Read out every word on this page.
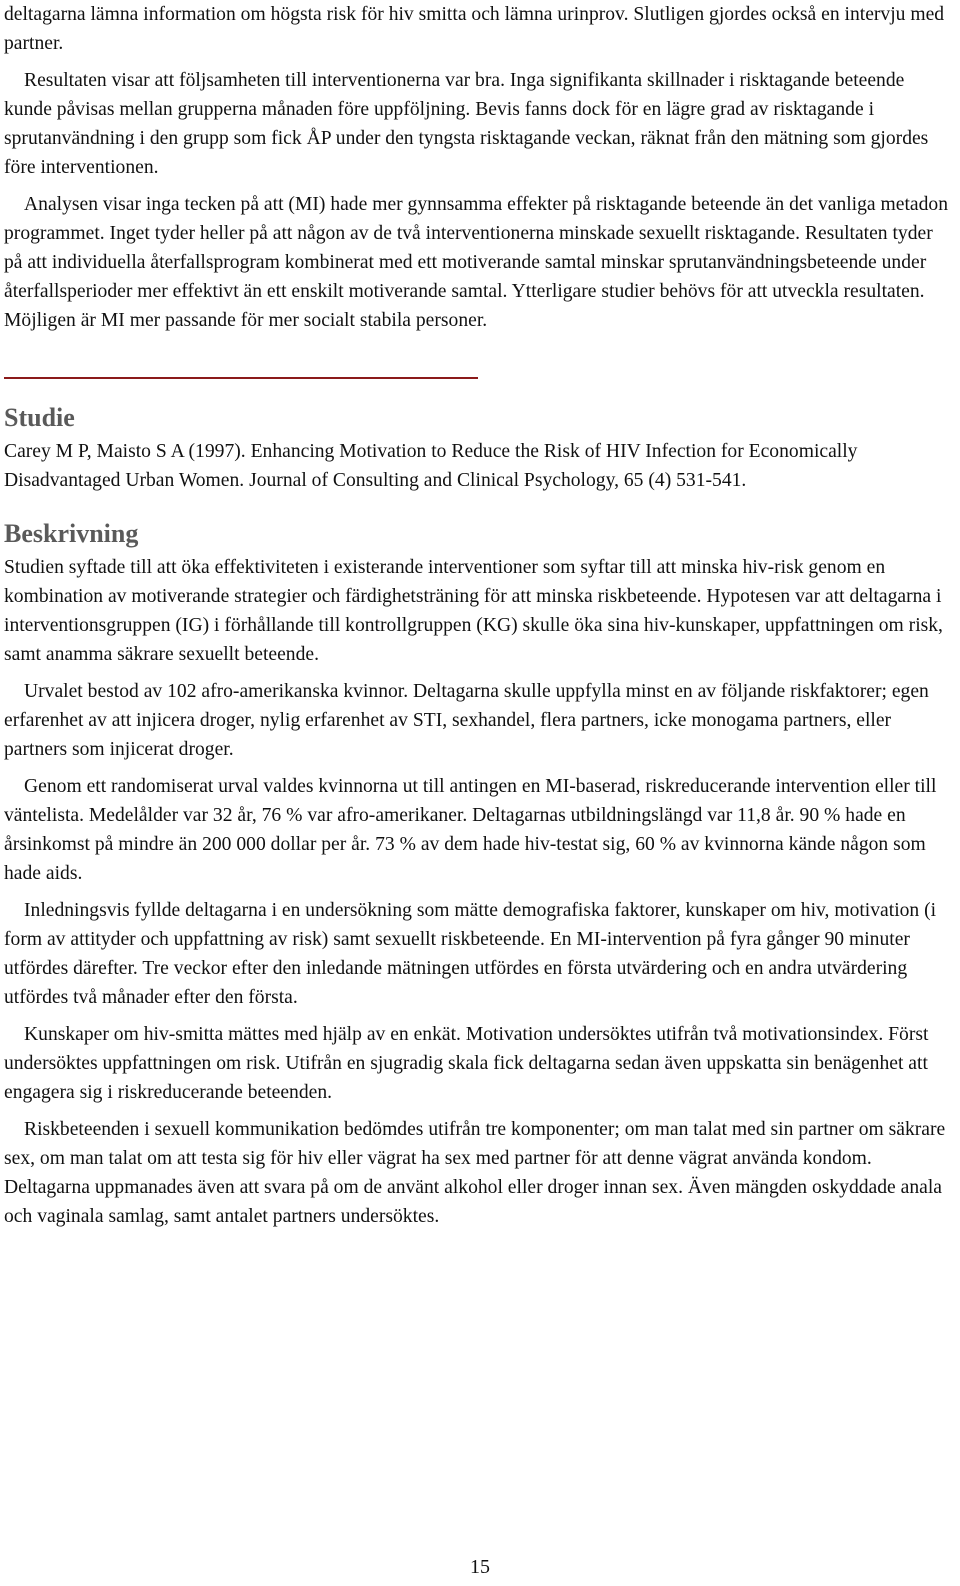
deltagarna lämna information om högsta risk för hiv smitta och lämna urinprov. Slutligen gjordes också en intervju med partner.

Resultaten visar att följsamheten till interventionerna var bra. Inga signifikanta skillnader i risktagande beteende kunde påvisas mellan grupperna månaden före uppföljning. Bevis fanns dock för en lägre grad av risktagande i sprutanvändning i den grupp som fick ÅP under den tyngsta risktagande veckan, räknat från den mätning som gjordes före interventionen.

Analysen visar inga tecken på att (MI) hade mer gynnsamma effekter på risktagande beteende än det vanliga metadon programmet. Inget tyder heller på att någon av de två interventionerna minskade sexuellt risktagande. Resultaten tyder på att individuella återfallsprogram kombinerat med ett motiverande samtal minskar sprutanvändningsbeteende under återfallsperioder mer effektivt än ett enskilt motiverande samtal. Ytterligare studier behövs för att utveckla resultaten. Möjligen är MI mer passande för mer socialt stabila personer.

Studie

Carey M P, Maisto S A (1997). Enhancing Motivation to Reduce the Risk of HIV Infection for Economically Disadvantaged Urban Women. Journal of Consulting and Clinical Psychology, 65 (4) 531-541.

Beskrivning

Studien syftade till att öka effektiviteten i existerande interventioner som syftar till att minska hiv-risk genom en kombination av motiverande strategier och färdighetsträning för att minska riskbeteende. Hypotesen var att deltagarna i interventionsgruppen (IG) i förhållande till kontrollgruppen (KG) skulle öka sina hiv-kunskaper, uppfattningen om risk, samt anamma säkrare sexuellt beteende.

Urvalet bestod av 102 afro-amerikanska kvinnor. Deltagarna skulle uppfylla minst en av följande riskfaktorer; egen erfarenhet av att injicera droger, nylig erfarenhet av STI, sexhandel, flera partners, icke monogama partners, eller partners som injicerat droger.

Genom ett randomiserat urval valdes kvinnorna ut till antingen en MI-baserad, riskreducerande intervention eller till väntelista. Medelålder var 32 år, 76 % var afro-amerikaner. Deltagarnas utbildningslängd var 11,8 år. 90 % hade en årsinkomst på mindre än 200 000 dollar per år. 73 % av dem hade hiv-testat sig, 60 % av kvinnorna kände någon som hade aids.

Inledningsvis fyllde deltagarna i en undersökning som mätte demografiska faktorer, kunskaper om hiv, motivation (i form av attityder och uppfattning av risk) samt sexuellt riskbeteende. En MI-intervention på fyra gånger 90 minuter utfördes därefter. Tre veckor efter den inledande mätningen utfördes en första utvärdering och en andra utvärdering utfördes två månader efter den första.

Kunskaper om hiv-smitta mättes med hjälp av en enkät. Motivation undersöktes utifrån två motivationsindex. Först undersöktes uppfattningen om risk. Utifrån en sjugradig skala fick deltagarna sedan även uppskatta sin benägenhet att engagera sig i riskreducerande beteenden.

Riskbeteenden i sexuell kommunikation bedömdes utifrån tre komponenter; om man talat med sin partner om säkrare sex, om man talat om att testa sig för hiv eller vägrat ha sex med partner för att denne vägrat använda kondom. Deltagarna uppmanades även att svara på om de använt alkohol eller droger innan sex. Även mängden oskyddade anala och vaginala samlag, samt antalet partners undersöktes.

15
